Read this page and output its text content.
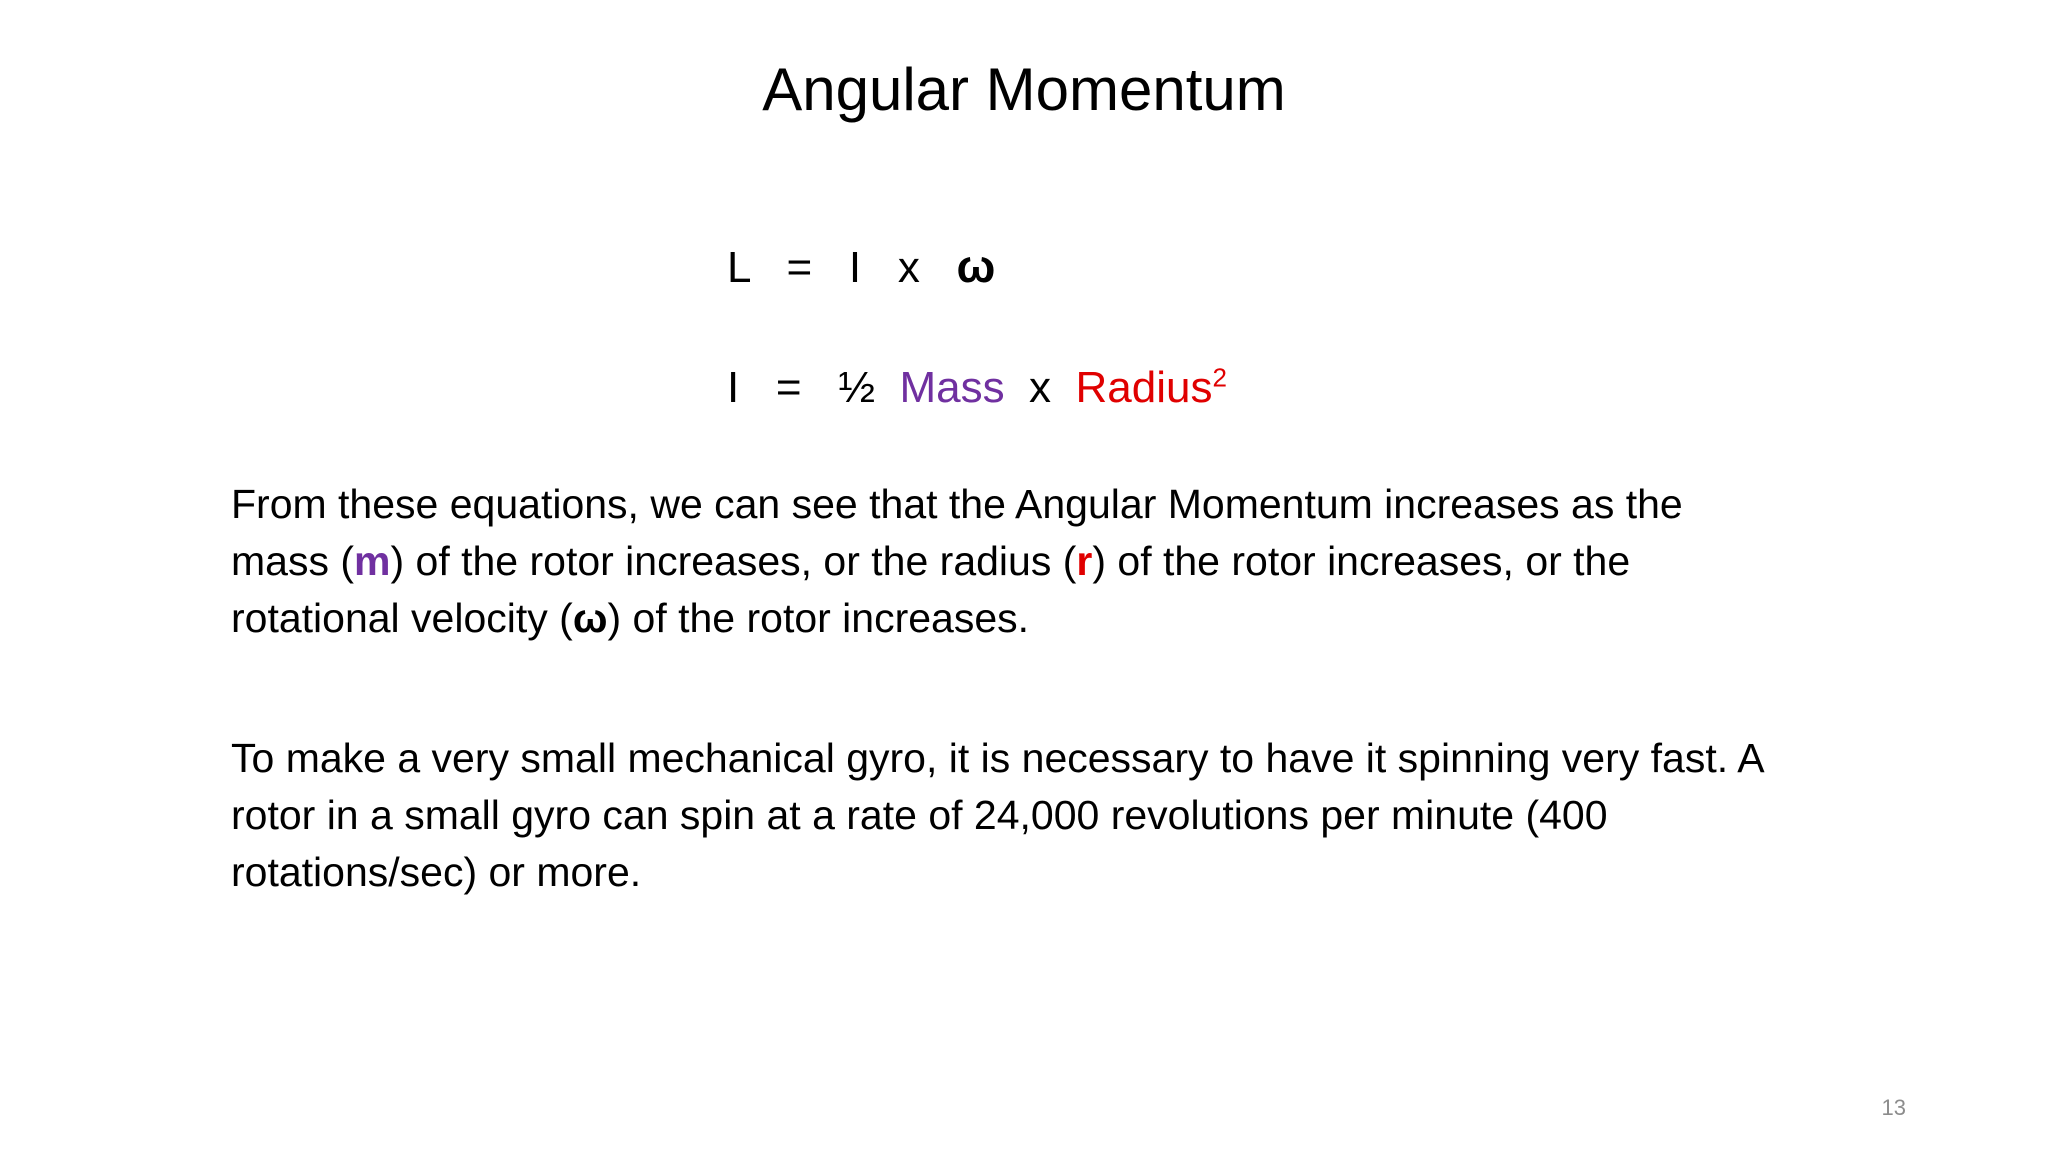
Angular Momentum
L = I x ω
I = ½ Mass x Radius$^2$
From these equations, we can see that the Angular Momentum increases as the
mass (m) of the rotor increases, or the radius (r) of the rotor increases, or the
rotational velocity (ω) of the rotor increases.
To make a very small mechanical gyro, it is necessary to have it spinning very fast. A rotor in a small gyro can spin at a rate of 24,000 revolutions per minute (400 rotations/sec) or more.
13
